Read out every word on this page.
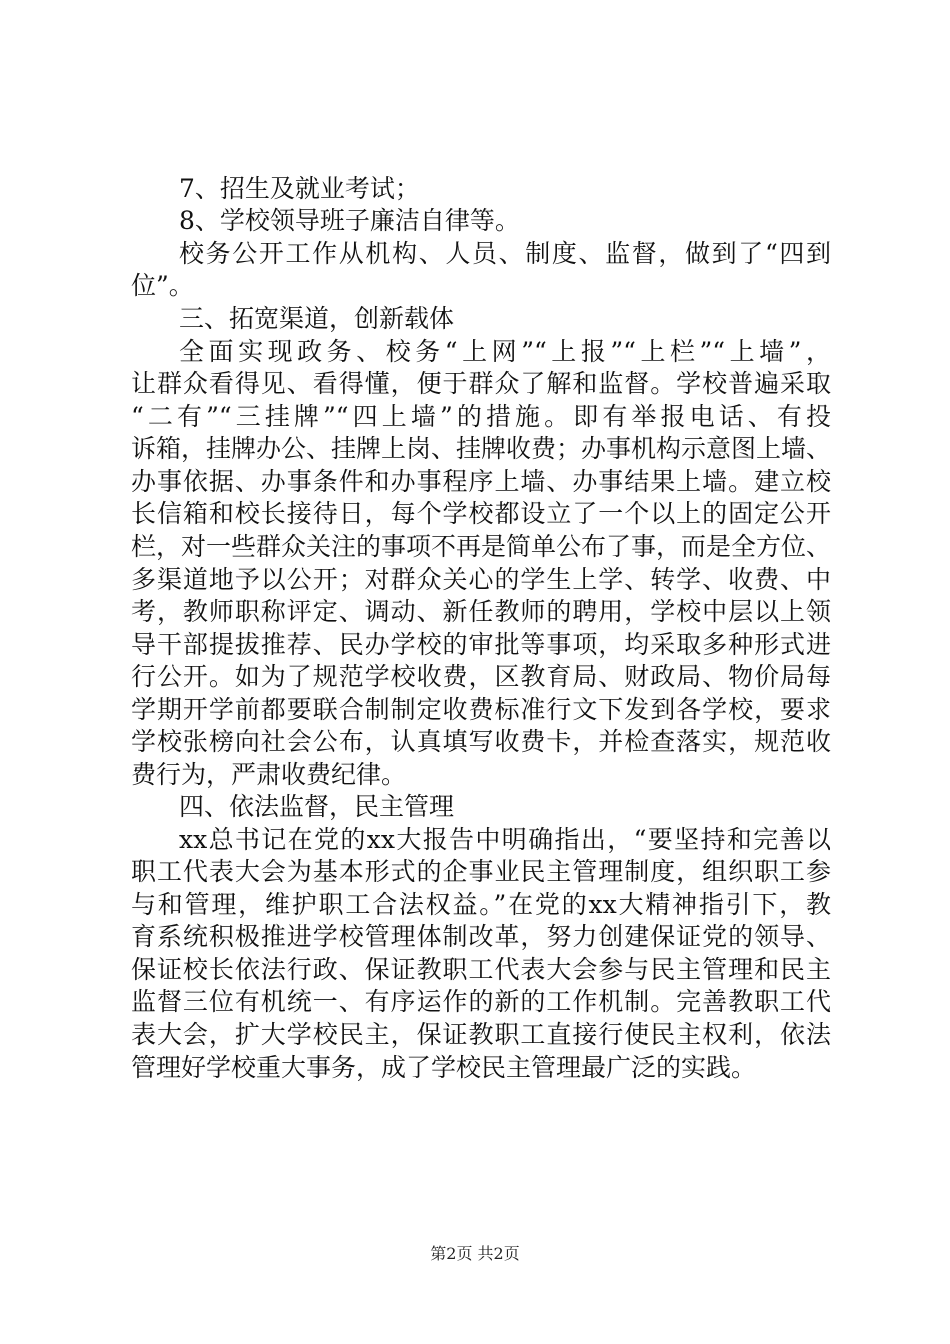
7、招生及就业考试；
8、学校领导班子廉洁自律等。
校务公开工作从机构、人员、制度、监督，做到了“四到
位”。
三、拓宽渠道，创新载体
全面实现政务、校务“上网”“上报”“上栏”“上墙”，
让群众看得见、看得懂，便于群众了解和监督。学校普遍采取
“二有”“三挂牌”“四上墙”的措施。即有举报电话、有投
诉箱，挂牌办公、挂牌上岗、挂牌收费；办事机构示意图上墙、
办事依据、办事条件和办事程序上墙、办事结果上墙。建立校
长信箱和校长接待日，每个学校都设立了一个以上的固定公开
栏，对一些群众关注的事项不再是简单公布了事，而是全方位、
多渠道地予以公开；对群众关心的学生上学、转学、收费、中
考，教师职称评定、调动、新任教师的聘用，学校中层以上领
导干部提拔推荐、民办学校的审批等事项，均采取多种形式进
行公开。如为了规范学校收费，区教育局、财政局、物价局每
学期开学前都要联合制制定收费标准行文下发到各学校，要求
学校张榜向社会公布，认真填写收费卡，并检查落实，规范收
费行为，严肃收费纪律。
四、依法监督，民主管理
xx总书记在党的xx大报告中明确指出，“要坚持和完善以
职工代表大会为基本形式的企事业民主管理制度，组织职工参
与和管理，维护职工合法权益。”在党的xx大精神指引下，教
育系统积极推进学校管理体制改革，努力创建保证党的领导、
保证校长依法行政、保证教职工代表大会参与民主管理和民主
监督三位有机统一、有序运作的新的工作机制。完善教职工代
表大会，扩大学校民主，保证教职工直接行使民主权利，依法
管理好学校重大事务，成了学校民主管理最广泛的实践。
第2页 共2页
